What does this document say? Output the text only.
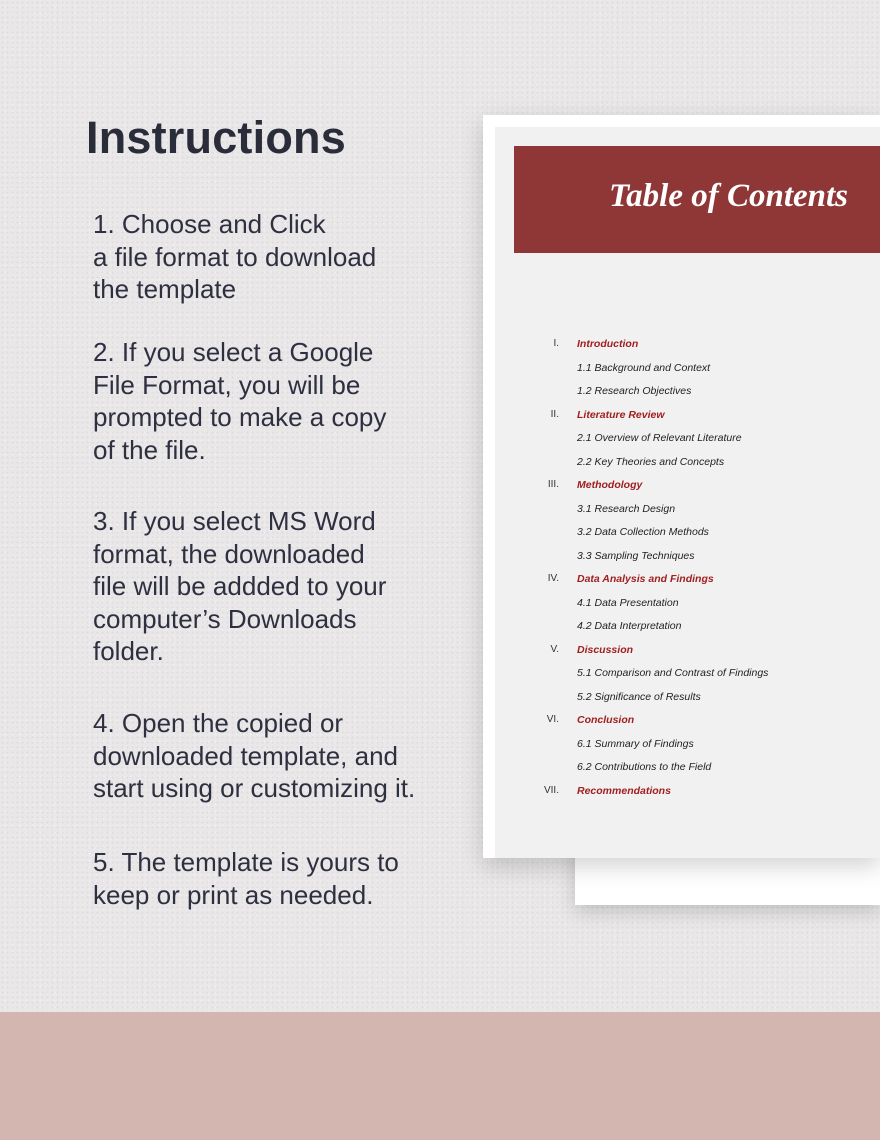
Instructions

1. Choose and Click
a file format to download
the template

2. If you select a Google
File Format, you will be
prompted to make a copy
of the file.

3. If you select MS Word
format, the downloaded
file will be addded to your
computer’s Downloads
folder.

4. Open the copied or
downloaded template, and
start using or customizing it.

5. The template is yours to
keep or print as needed.

Table of Contents
I. Introduction
1.1 Background and Context
1.2 Research Objectives
II. Literature Review
2.1 Overview of Relevant Literature
2.2 Key Theories and Concepts
III. Methodology
3.1 Research Design
3.2 Data Collection Methods
3.3 Sampling Techniques
IV. Data Analysis and Findings
4.1 Data Presentation
4.2 Data Interpretation
V. Discussion
5.1 Comparison and Contrast of Findings
5.2 Significance of Results
VI. Conclusion
6.1 Summary of Findings
6.2 Contributions to the Field
VII. Recommendations
